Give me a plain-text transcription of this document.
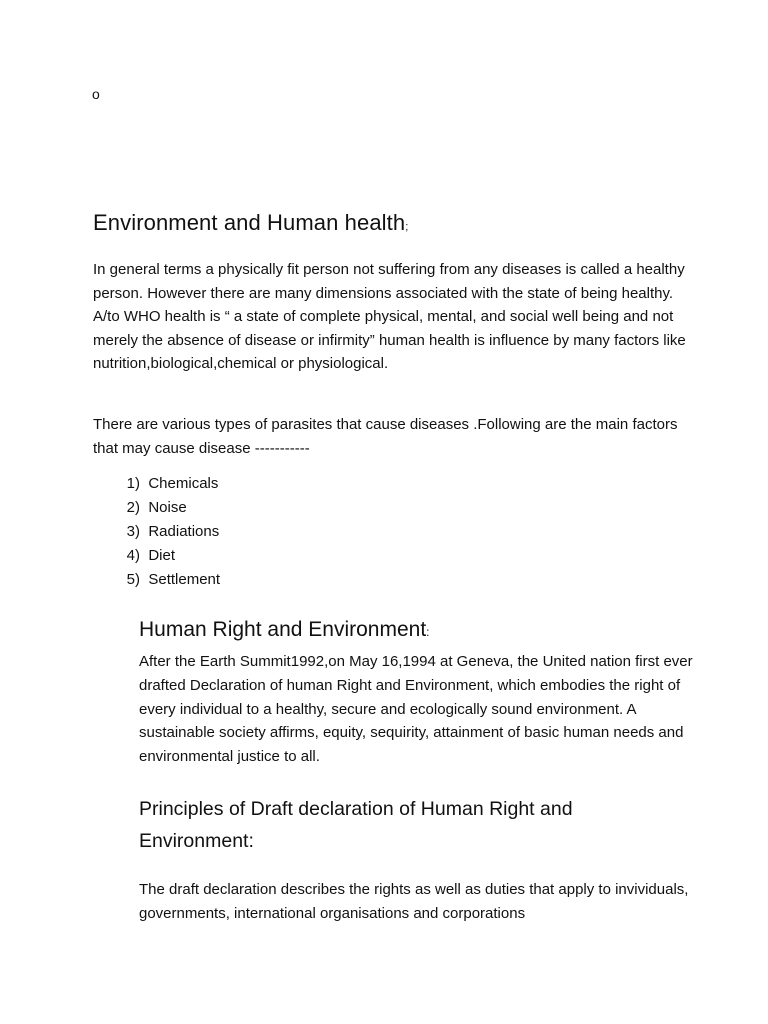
o
Environment and Human health;

In general terms a physically fit person not suffering from any diseases is called a healthy person. However there are many dimensions associated with the state of being healthy. A/to WHO health is “ a state of complete physical, mental, and social well being and not merely the absence of disease or infirmity” human health is influence by many factors like nutrition,biological,chemical or physiological.

There are various types of parasites that cause diseases .Following are the main factors that may cause disease -----------

1)
Chemicals
2)
Noise
3)
Radiations
4)
Diet
5)
Settlement
Human Right and Environment:

After the Earth Summit1992,on May 16,1994 at Geneva, the United nation first ever drafted Declaration of human Right and Environment, which embodies the right of every individual to a healthy, secure and ecologically sound environment. A sustainable society affirms, equity, sequirity, attainment of basic human needs and environmental justice to all.

Principles of Draft declaration of Human Right and Environment:

The draft declaration describes the rights as well as duties that apply to invividuals, governments, international organisations and corporations
